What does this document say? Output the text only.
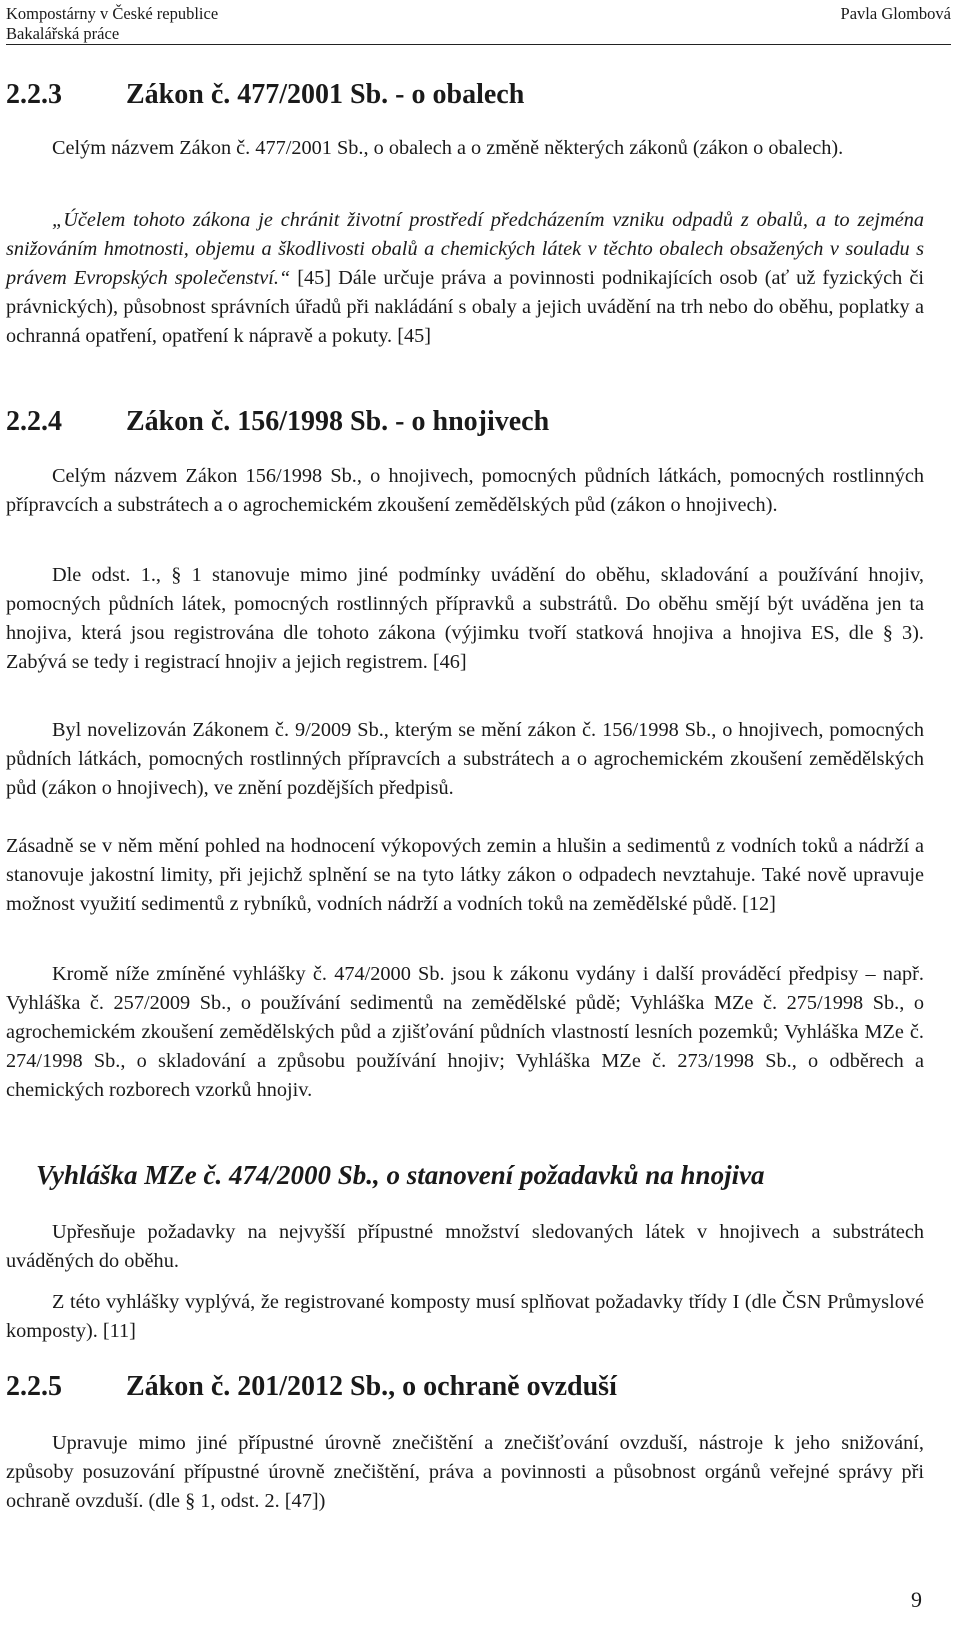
Kompostárny v České republice
Bakalářská práce
Pavla Glombová
2.2.3 Zákon č. 477/2001 Sb. - o obalech

Celým názvem Zákon č. 477/2001 Sb., o obalech a o změně některých zákonů (zákon o obalech).

„Účelem tohoto zákona je chránit životní prostředí předcházením vzniku odpadů z obalů, a to zejména snižováním hmotnosti, objemu a škodlivosti obalů a chemických látek v těchto obalech obsažených v souladu s právem Evropských společenství.“ [45] Dále určuje práva a povinnosti podnikajících osob (ať už fyzických či právnických), působnost správních úřadů při nakládání s obaly a jejich uvádění na trh nebo do oběhu, poplatky a ochranná opatření, opatření k nápravě a pokuty. [45]

2.2.4 Zákon č. 156/1998 Sb. - o hnojivech

Celým názvem Zákon 156/1998 Sb., o hnojivech, pomocných půdních látkách, pomocných rostlinných přípravcích a substrátech a o agrochemickém zkoušení zemědělských půd (zákon o hnojivech).

Dle odst. 1., § 1 stanovuje mimo jiné podmínky uvádění do oběhu, skladování a používání hnojiv, pomocných půdních látek, pomocných rostlinných přípravků a substrátů. Do oběhu smějí být uváděna jen ta hnojiva, která jsou registrována dle tohoto zákona (výjimku tvoří statková hnojiva a hnojiva ES, dle § 3). Zabývá se tedy i registrací hnojiv a jejich registrem. [46]

Byl novelizován Zákonem č. 9/2009 Sb., kterým se mění zákon č. 156/1998 Sb., o hnojivech, pomocných půdních látkách, pomocných rostlinných přípravcích a substrátech a o agrochemickém zkoušení zemědělských půd (zákon o hnojivech), ve znění pozdějších předpisů.

Zásadně se v něm mění pohled na hodnocení výkopových zemin a hlušin a sedimentů z vodních toků a nádrží a stanovuje jakostní limity, při jejichž splnění se na tyto látky zákon o odpadech nevztahuje. Také nově upravuje možnost využití sedimentů z rybníků, vodních nádrží a vodních toků na zemědělské půdě. [12]

Kromě níže zmíněné vyhlášky č. 474/2000 Sb. jsou k zákonu vydány i další prováděcí předpisy – např. Vyhláška č. 257/2009 Sb., o používání sedimentů na zemědělské půdě; Vyhláška MZe č. 275/1998 Sb., o agrochemickém zkoušení zemědělských půd a zjišťování půdních vlastností lesních pozemků; Vyhláška MZe č. 274/1998 Sb., o skladování a způsobu používání hnojiv; Vyhláška MZe č. 273/1998 Sb., o odběrech a chemických rozborech vzorků hnojiv.

Vyhláška MZe č. 474/2000 Sb., o stanovení požadavků na hnojiva

Upřesňuje požadavky na nejvyšší přípustné množství sledovaných látek v hnojivech a substrátech uváděných do oběhu.

Z této vyhlášky vyplývá, že registrované komposty musí splňovat požadavky třídy I (dle ČSN Průmyslové komposty). [11]

2.2.5 Zákon č. 201/2012 Sb., o ochraně ovzduší

Upravuje mimo jiné přípustné úrovně znečištění a znečišťování ovzduší, nástroje k jeho snižování, způsoby posuzování přípustné úrovně znečištění, práva a povinnosti a působnost orgánů veřejné správy při ochraně ovzduší. (dle § 1, odst. 2. [47])

9
